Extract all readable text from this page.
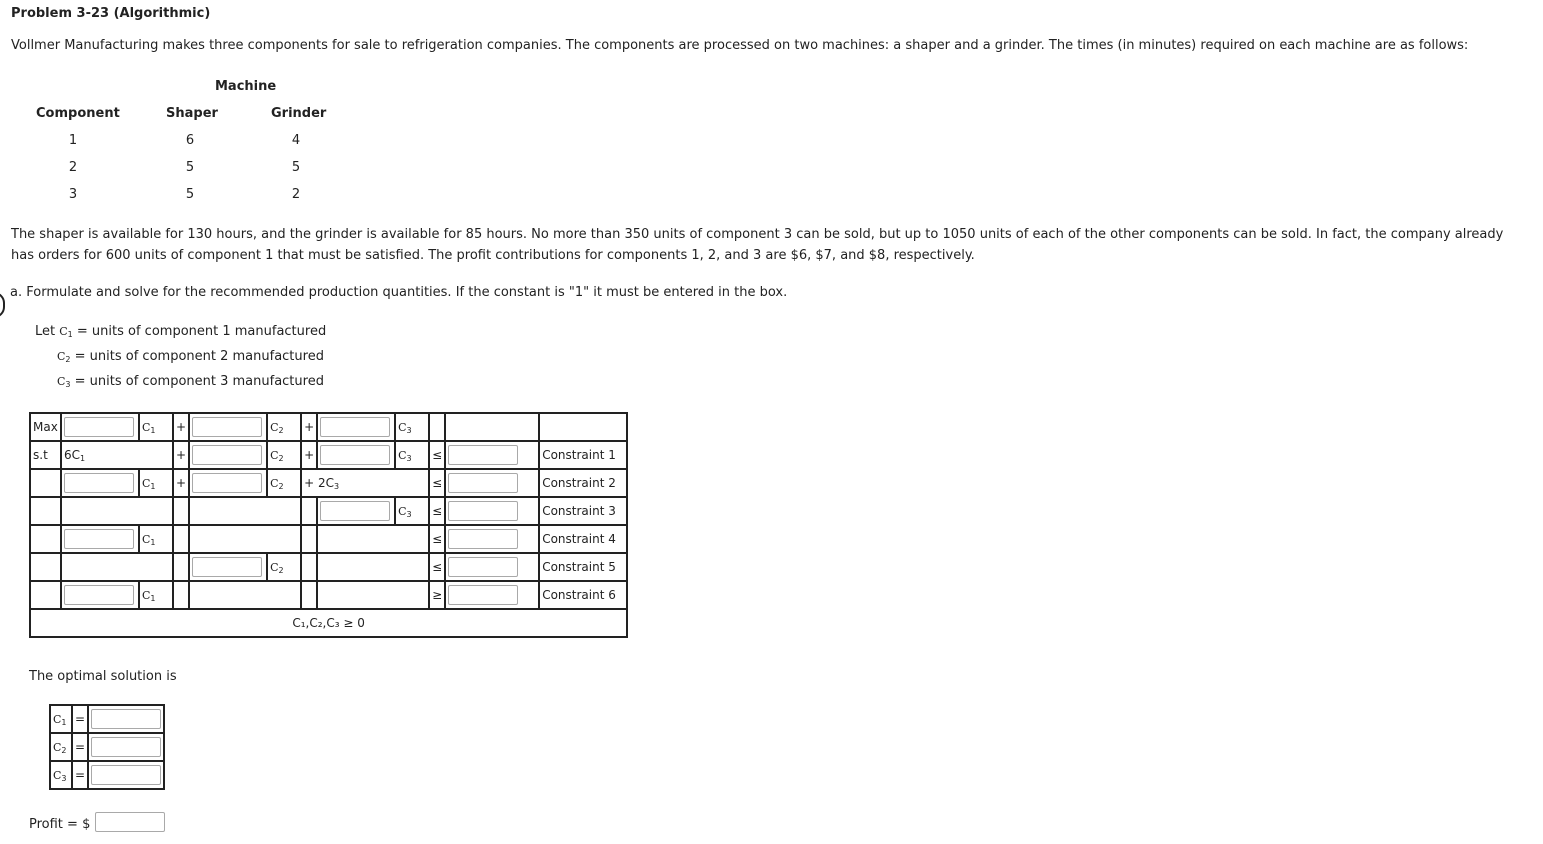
Problem 3-23 (Algorithmic)
Vollmer Manufacturing makes three components for sale to refrigeration companies. The components are processed on two machines: a shaper and a grinder. The times (in minutes) required on each machine are as follows:
Machine
Component	Shaper	Grinder
1	6	4
2	5	5
3	5	2
The shaper is available for 130 hours, and the grinder is available for 85 hours. No more than 350 units of component 3 can be sold, but up to 1050 units of each of the other components can be sold. In fact, the company already has orders for 600 units of component 1 that must be satisfied. The profit contributions for components 1, 2, and 3 are $6, $7, and $8, respectively.
a. Formulate and solve for the recommended production quantities. If the constant is "1" it must be entered in the box.
Let $C_1$ = units of component 1 manufactured
$C_2$ = units of component 2 manufactured
$C_3$ = units of component 3 manufactured
Max		$C_1$	+		$C_2$	+		$C_3$			
s.t	$6C_1$		+		$C_2$	+		$C_3$	≤		Constraint 1
		$C_1$	+		$C_2$	+ $2C_3$			≤		Constraint 2
								$C_3$	≤		Constraint 3
		$C_1$							≤		Constraint 4
					$C_2$				≤		Constraint 5
		$C_1$							≥		Constraint 6
C₁,C₂,C₃ ≥ 0											
The optimal solution is
$C_1$	=	
$C_2$	=	
$C_3$	=	
Profit = $
